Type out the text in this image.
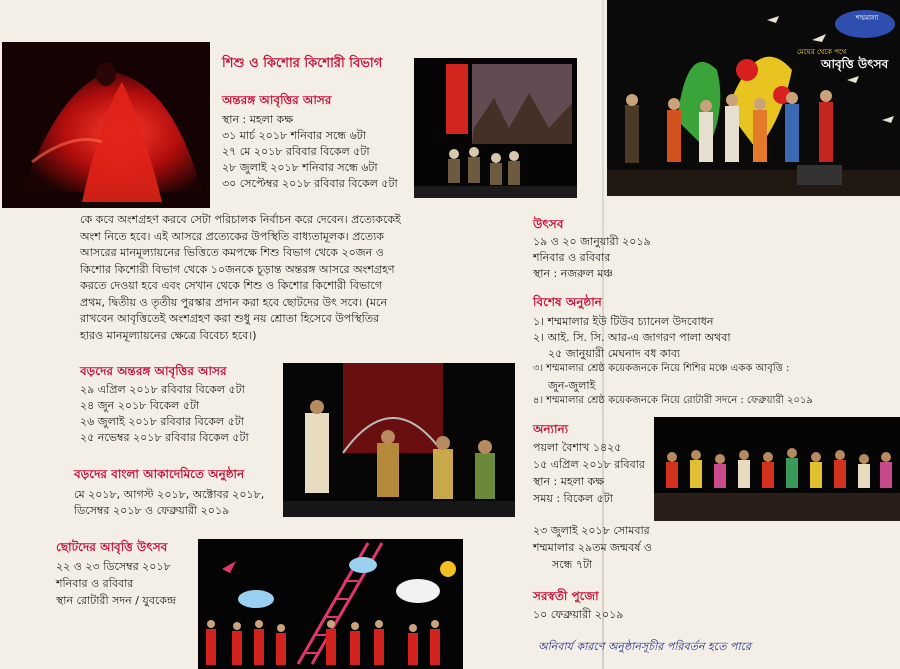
শম্মমালা
মেঘের থেকে পথে
আবৃত্তি উৎসব
শিশু ও কিশোর কিশোরী বিভাগ
অন্তরঙ্গ আবৃত্তির আসর
স্থান : মহলা কক্ষ
৩১ মার্চ ২০১৮ শনিবার সন্ধে ৬টা
২৭ মে ২০১৮ রবিবার বিকেল ৫টা
২৮ জুলাই ২০১৮ শনিবার সন্ধে ৬টা
৩০ সেপ্টেম্বর ২০১৮ রবিবার বিকেল ৫টা
কে কবে অংশগ্রহণ করবে সেটা পরিচালক নির্বাচন করে দেবেন। প্রত্যেককেই
অংশ নিতে হবে। এই আসরে প্রত্যেকের উপস্থিতি বাধ্যতামূলক। প্রত্যেক
আসরের মানমূল্যায়নের ভিত্তিতে কমপক্ষে শিশু বিভাগ থেকে ২০জন ও
কিশোর কিশোরী বিভাগ থেকে ১০জনকে চূড়ান্ত অন্তরঙ্গ আসরে অংশগ্রহণ
করতে দেওয়া হবে এবং সেখান থেকে শিশু ও কিশোর কিশোরী বিভাগে
প্রথম, দ্বিতীয় ও তৃতীয় পুরস্কার প্রদান করা হবে ছোটদের উৎ সবে। (মনে
রাখবেন আবৃত্তিতেই অংশগ্রহণ করা শুধু নয় শ্রোতা হিসেবে উপস্থিতির
হারও মানমূল্যায়নের ক্ষেত্রে বিবেচ্য হবে।)
বড়দের অন্তরঙ্গ আবৃত্তির আসর
২৯ এপ্রিল ২০১৮ রবিবার বিকেল ৫টা
২৪ জুন ২০১৮ বিকেল ৫টা
২৬ জুলাই ২০১৮ রবিবার বিকেল ৫টা
২৫ নভেম্বর ২০১৮ রবিবার বিকেল ৫টা
বড়দের বাংলা আকাদেমিতে অনুষ্ঠান
মে ২০১৮, আগস্ট ২০১৮, অক্টোবর ২০১৮,
ডিসেম্বর ২০১৮ ও ফেব্রুয়ারী ২০১৯
ছোটদের আবৃত্তি উৎসব
২২ ও ২৩ ডিসেম্বর ২০১৮
শনিবার ও রবিবার
স্থান রোটারী সদন / যুবকেন্দ্র
উৎসব
১৯ ও ২০ জানুয়ারী ২০১৯
শনিবার ও রবিবার
স্থান : নজরুল মঞ্চ
বিশেষ অনুষ্ঠান
১। শম্মমালার ইউ টিউব চ্যানেল উদবোধন
২। আই. সি. সি. আর-এ জাগরণ পালা অথবা
২৫ জানুয়ারী মেঘনাদ বধ কাব্য
৩। শম্মমালার শ্রেষ্ঠ কয়েকজনকে নিয়ে শিশির মঞ্চে একক আবৃত্তি :
জুন-জুলাই
৪। শম্মমালার শ্রেষ্ঠ কয়েকজনকে নিয়ে রোটারী সদনে : ফেব্রুয়ারী ২০১৯
অন্যান্য
পয়লা বৈশাখ ১৪২৫
১৫ এপ্রিল ২০১৮ রবিবার
স্থান : মহলা কক্ষ
সময় : বিকেল ৫টা
২৩ জুলাই ২০১৮ সোমবার
শম্মমালার ২৯তম জন্মবর্ষ ও
সন্ধে ৭টা
সরস্বতী পুজো
১০ ফেব্রুয়ারী ২০১৯
অনিবার্য কারণে অনুষ্ঠানসূচীর পরিবর্তন হতে পারে
